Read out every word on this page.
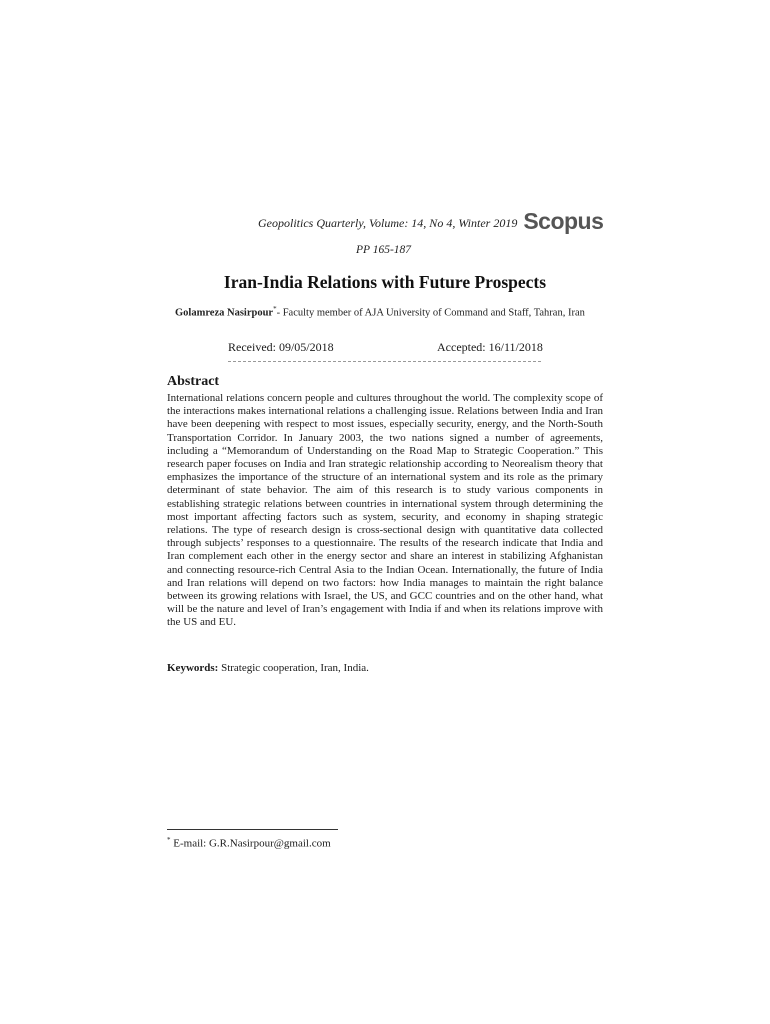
Geopolitics Quarterly, Volume: 14, No 4, Winter 2019 Scopus
PP 165-187
Iran-India Relations with Future Prospects
Golamreza Nasirpour*- Faculty member of AJA University of Command and Staff, Tahran, Iran
Received: 09/05/2018	Accepted: 16/11/2018
Abstract

International relations concern people and cultures throughout the world. The complexity scope of the interactions makes international relations a challenging issue. Relations between India and Iran have been deepening with respect to most issues, especially security, energy, and the North-South Transportation Corridor. In January 2003, the two nations signed a number of agreements, including a “Memorandum of Understanding on the Road Map to Strategic Cooperation.” This research paper focuses on India and Iran strategic relationship according to Neorealism theory that emphasizes the importance of the structure of an international system and its role as the primary determinant of state behavior. The aim of this research is to study various components in establishing strategic relations between countries in international system through determining the most important affecting factors such as system, security, and economy in shaping strategic relations. The type of research design is cross-sectional design with quantitative data collected through subjects’ responses to a questionnaire. The results of the research indicate that India and Iran complement each other in the energy sector and share an interest in stabilizing Afghanistan and connecting resource-rich Central Asia to the Indian Ocean. Internationally, the future of India and Iran relations will depend on two factors: how India manages to maintain the right balance between its growing relations with Israel, the US, and GCC countries and on the other hand, what will be the nature and level of Iran’s engagement with India if and when its relations improve with the US and EU.

Keywords: Strategic cooperation, Iran, India.

* E-mail: G.R.Nasirpour@gmail.com
